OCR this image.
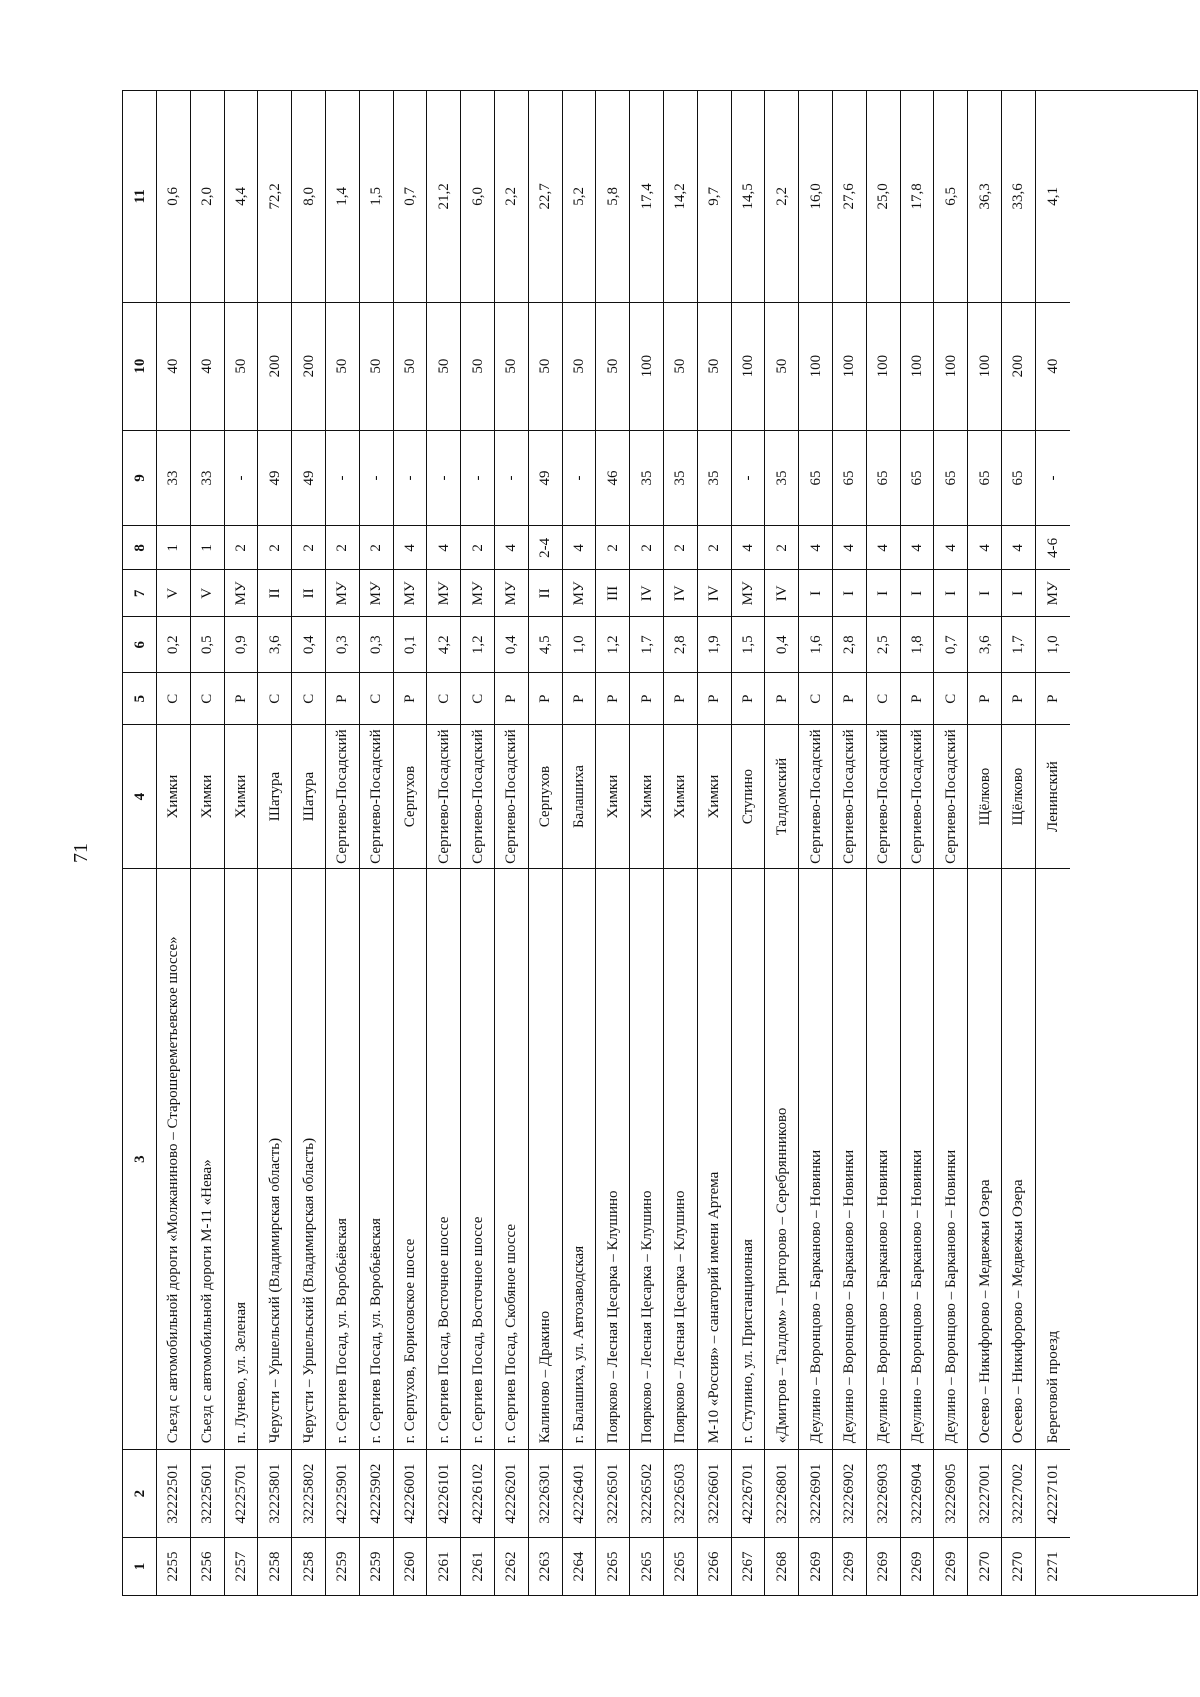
71
1
2
3
4
5
6
7
8
9
10
11
2255
32222501
Съезд с автомобильной дороги «Молжаниново – Старошереметьевское шоссе»
Химки
С
0,2
V
1
33
40
0,6
2256
32225601
Съезд с автомобильной дороги М-11 «Нева»
Химки
С
0,5
V
1
33
40
2,0
2257
42225701
п. Лунево, ул. Зеленая
Химки
Р
0,9
МУ
2
-
50
4,4
2258
32225801
Черусти – Уршельский (Владимирская область)
Шатура
С
3,6
II
2
49
200
72,2
2258
32225802
Черусти – Уршельский (Владимирская область)
Шатура
С
0,4
II
2
49
200
8,0
2259
42225901
г. Сергиев Посад, ул. Воробьёвская
Сергиево-Посадский
Р
0,3
МУ
2
-
50
1,4
2259
42225902
г. Сергиев Посад, ул. Воробьёвская
Сергиево-Посадский
С
0,3
МУ
2
-
50
1,5
2260
42226001
г. Серпухов, Борисовское шоссе
Серпухов
Р
0,1
МУ
4
-
50
0,7
2261
42226101
г. Сергиев Посад, Восточное шоссе
Сергиево-Посадский
С
4,2
МУ
4
-
50
21,2
2261
42226102
г. Сергиев Посад, Восточное шоссе
Сергиево-Посадский
С
1,2
МУ
2
-
50
6,0
2262
42226201
г. Сергиев Посад, Скобяное шоссе
Сергиево-Посадский
Р
0,4
МУ
4
-
50
2,2
2263
32226301
Калиново – Дракино
Серпухов
Р
4,5
II
2-4
49
50
22,7
2264
42226401
г. Балашиха, ул. Автозаводская
Балашиха
Р
1,0
МУ
4
-
50
5,2
2265
32226501
Поярково – Лесная Цесарка – Клушино
Химки
Р
1,2
III
2
46
50
5,8
2265
32226502
Поярково – Лесная Цесарка – Клушино
Химки
Р
1,7
IV
2
35
100
17,4
2265
32226503
Поярково – Лесная Цесарка – Клушино
Химки
Р
2,8
IV
2
35
50
14,2
2266
32226601
М-10 «Россия» – санаторий имени Артема
Химки
Р
1,9
IV
2
35
50
9,7
2267
42226701
г. Ступино, ул. Пристанционная
Ступино
Р
1,5
МУ
4
-
100
14,5
2268
32226801
«Дмитров – Талдом» – Григорово – Серебрянниково
Талдомский
Р
0,4
IV
2
35
50
2,2
2269
32226901
Деулино – Воронцово – Барканово – Новинки
Сергиево-Посадский
С
1,6
I
4
65
100
16,0
2269
32226902
Деулино – Воронцово – Барканово – Новинки
Сергиево-Посадский
Р
2,8
I
4
65
100
27,6
2269
32226903
Деулино – Воронцово – Барканово – Новинки
Сергиево-Посадский
С
2,5
I
4
65
100
25,0
2269
32226904
Деулино – Воронцово – Барканово – Новинки
Сергиево-Посадский
Р
1,8
I
4
65
100
17,8
2269
32226905
Деулино – Воронцово – Барканово – Новинки
Сергиево-Посадский
С
0,7
I
4
65
100
6,5
2270
32227001
Осеево – Никифорово – Медвежьи Озера
Щёлково
Р
3,6
I
4
65
100
36,3
2270
32227002
Осеево – Никифорово – Медвежьи Озера
Щёлково
Р
1,7
I
4
65
200
33,6
2271
42227101
Береговой проезд
Ленинский
Р
1,0
МУ
4-6
-
40
4,1
